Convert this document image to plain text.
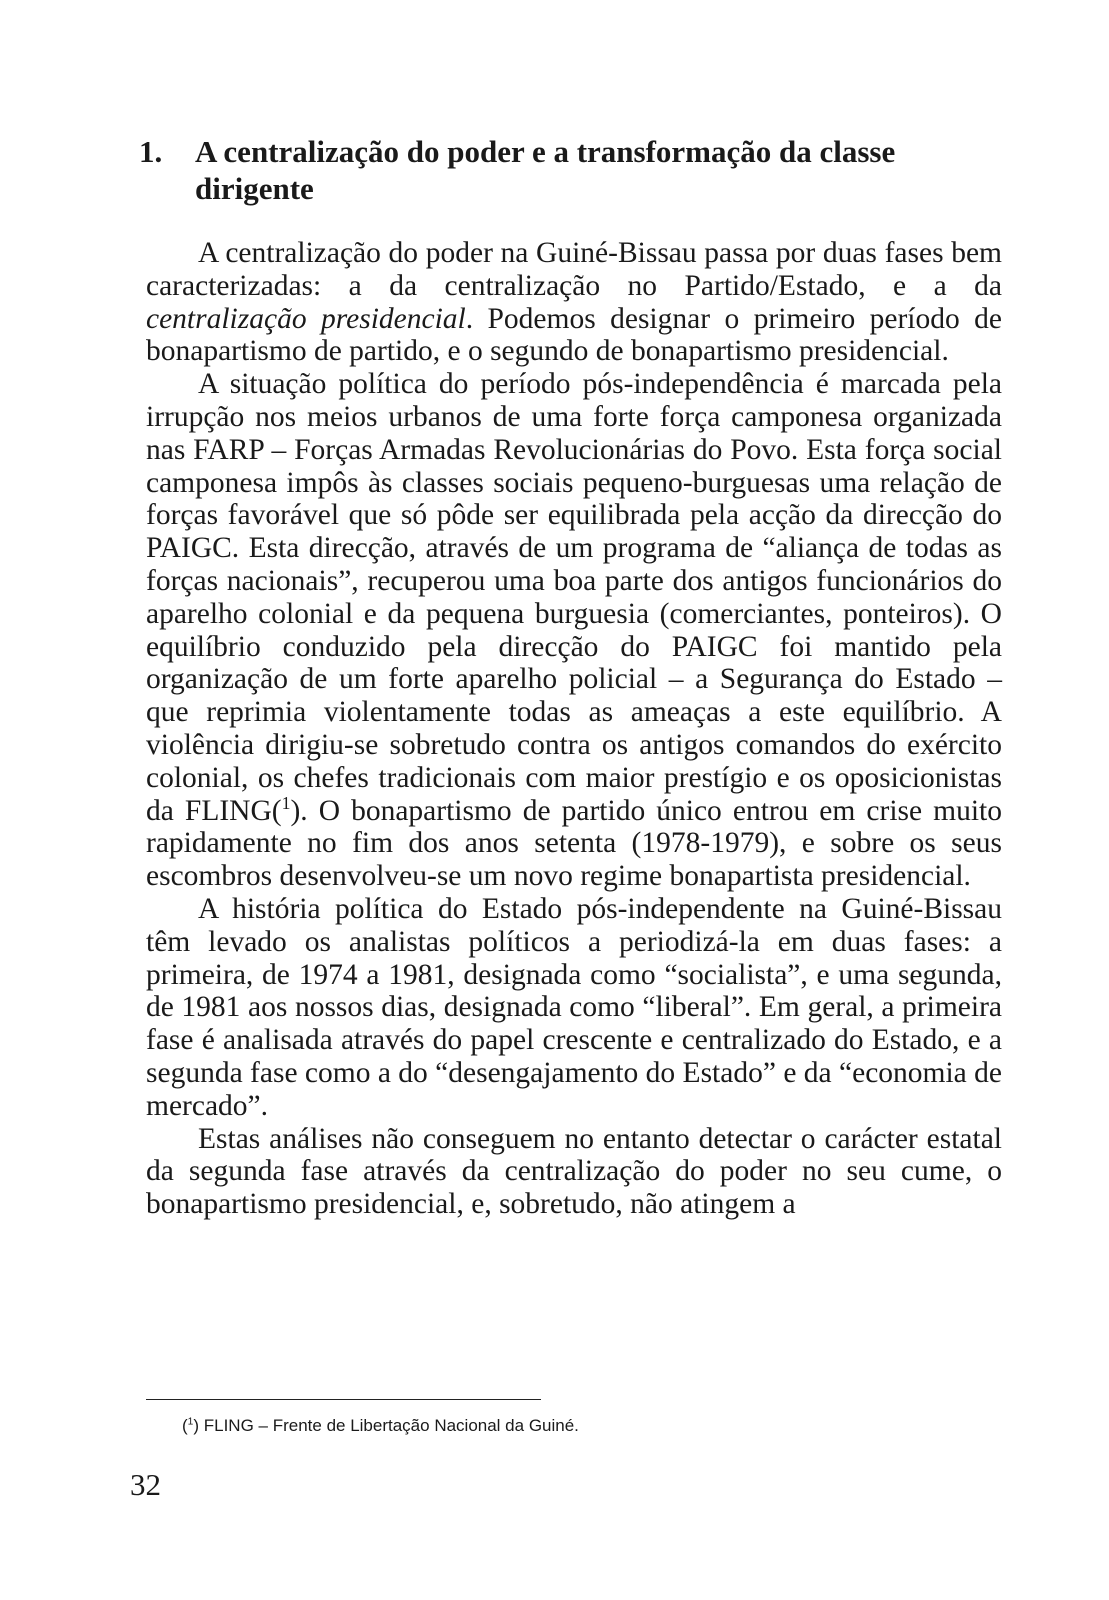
1.	A centralização do poder e a transformação da classe dirigente

A centralização do poder na Guiné-Bissau passa por duas fases bem caracterizadas: a da centralização no Partido/Estado, e a da centralização presidencial. Podemos designar o primeiro período de bonapartismo de partido, e o segundo de bonapartismo presidencial.

A situação política do período pós-independência é marcada pela irrupção nos meios urbanos de uma forte força camponesa organizada nas FARP – Forças Armadas Revolucionárias do Povo. Esta força social camponesa impôs às classes sociais pequeno-burguesas uma relação de forças favorável que só pôde ser equilibrada pela acção da direcção do PAIGC. Esta direcção, através de um programa de “aliança de todas as forças nacionais”, recuperou uma boa parte dos antigos funcionários do aparelho colonial e da pequena burguesia (comerciantes, ponteiros). O equilíbrio conduzido pela direcção do PAIGC foi mantido pela organização de um forte aparelho policial – a Segurança do Estado – que reprimia violentamente todas as ameaças a este equilíbrio. A violência dirigiu-se sobretudo contra os antigos comandos do exército colonial, os chefes tradicionais com maior prestígio e os oposicionistas da FLING($^1$). O bonapartismo de partido único entrou em crise muito rapidamente no fim dos anos setenta (1978-1979), e sobre os seus escombros desenvolveu-se um novo regime bonapartista presidencial.

A história política do Estado pós-independente na Guiné-Bissau têm levado os analistas políticos a periodizá-la em duas fases: a primeira, de 1974 a 1981, designada como “socialista”, e uma segunda, de 1981 aos nossos dias, designada como “liberal”. Em geral, a primeira fase é analisada através do papel crescente e centralizado do Estado, e a segunda fase como a do “desengajamento do Estado” e da “economia de mercado”.

Estas análises não conseguem no entanto detectar o carácter estatal da segunda fase através da centralização do poder no seu cume, o bonapartismo presidencial, e, sobretudo, não atingem a

($^1$) FLING – Frente de Libertação Nacional da Guiné.
32
